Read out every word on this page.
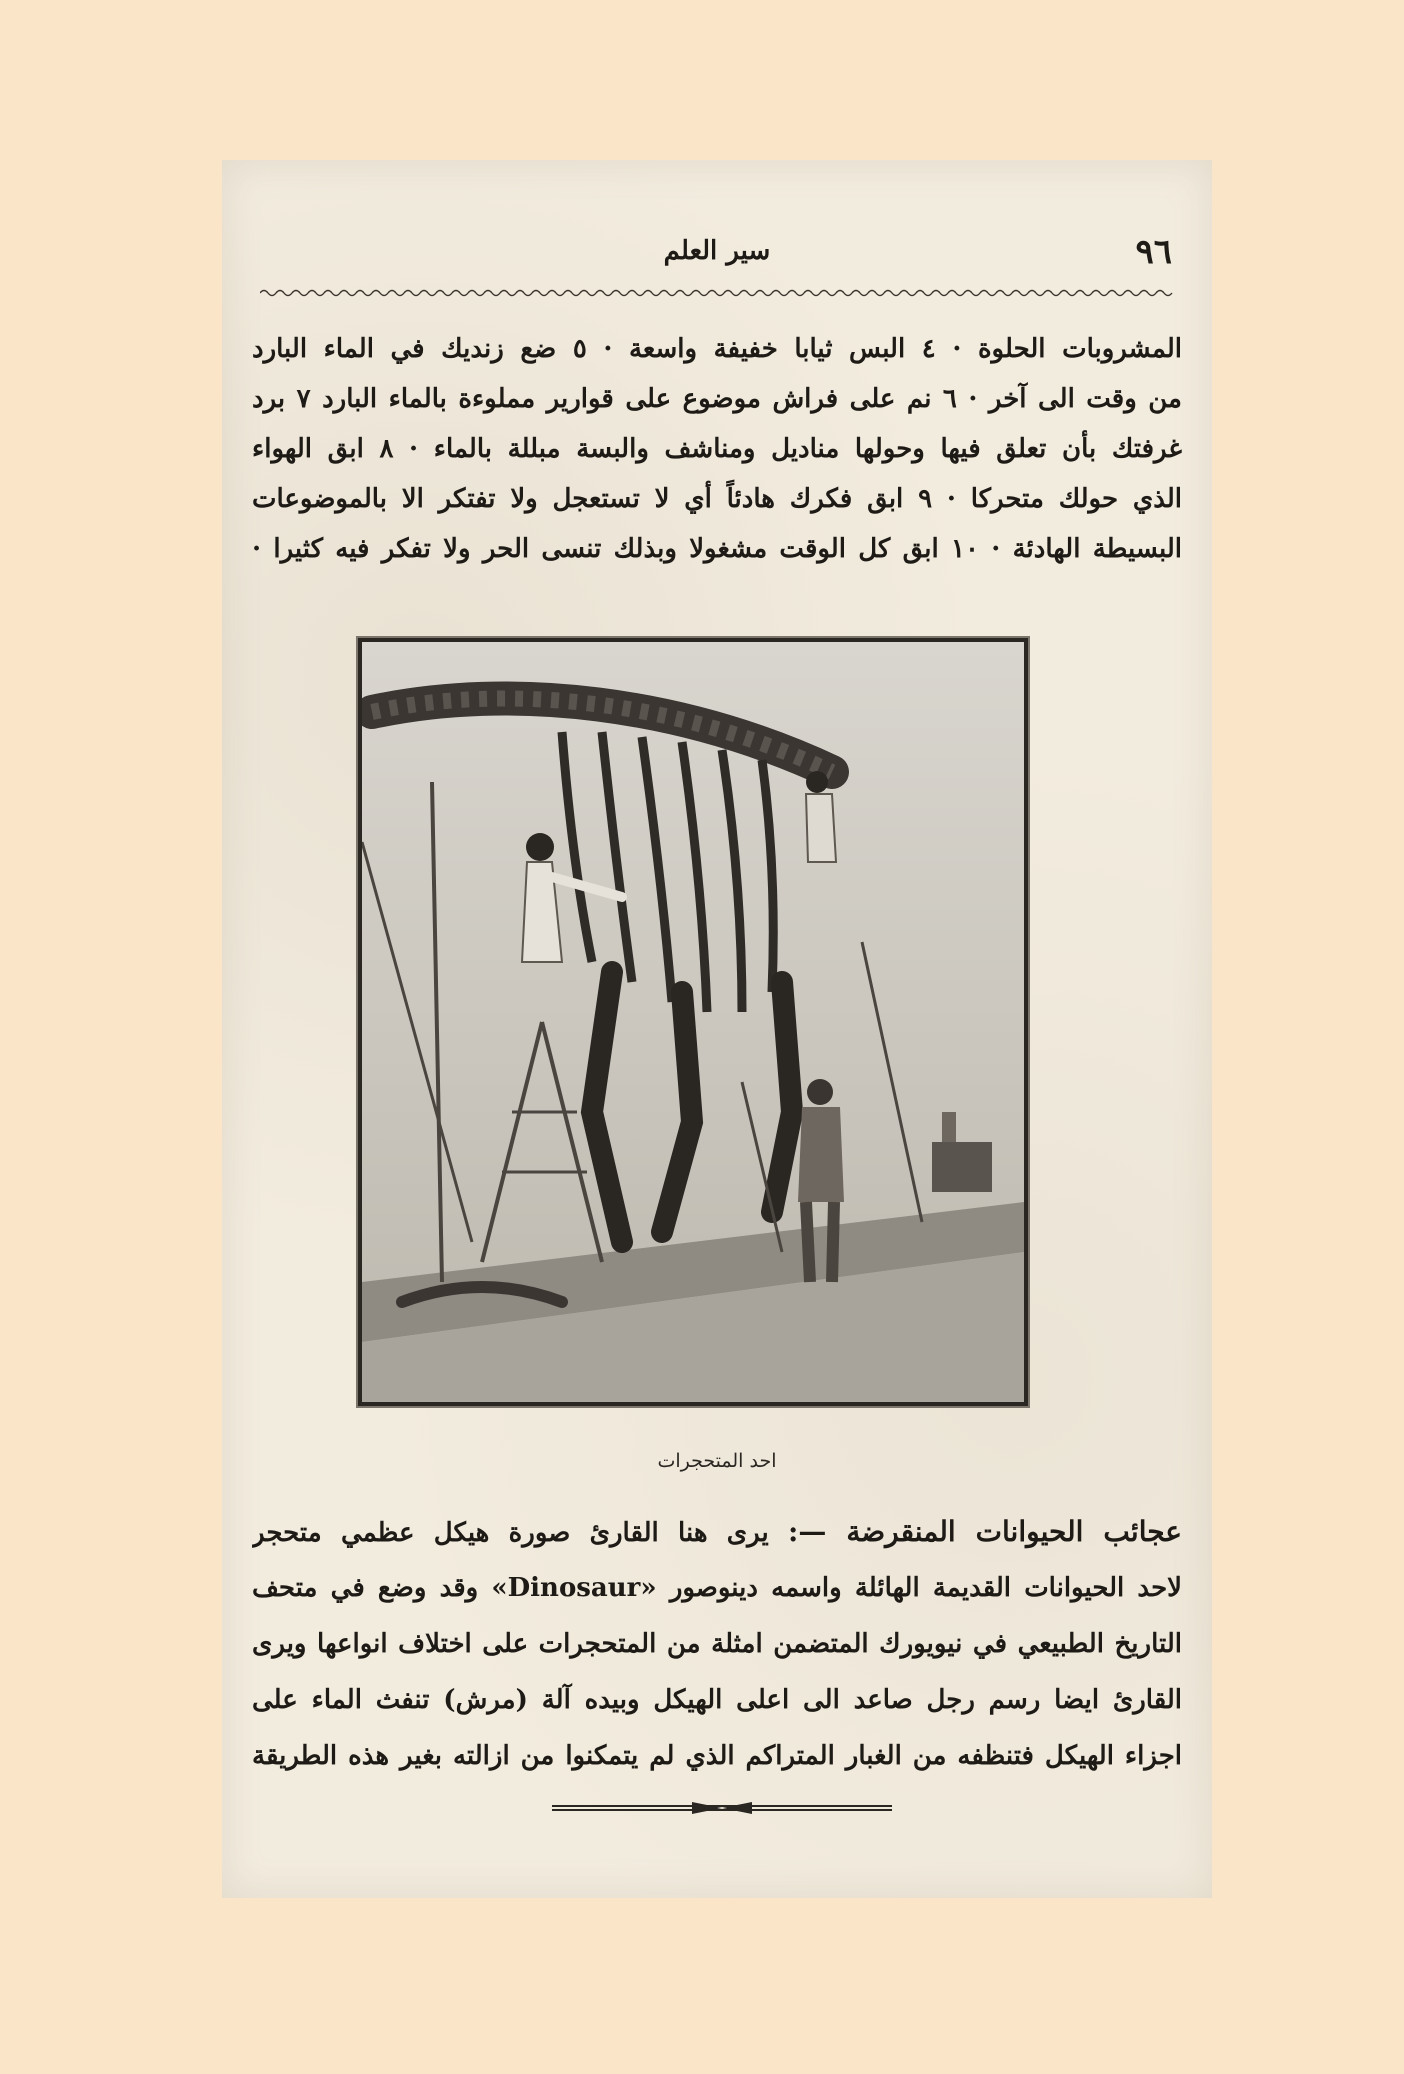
٩٦
سير العلم
المشروبات الحلوة · ٤ البس ثيابا خفيفة واسعة · ٥ ضع زنديك في الماء البارد
من وقت الى آخر · ٦ نم على فراش موضوع على قوارير مملوءة بالماء البارد ٧ برد
غرفتك بأن تعلق فيها وحولها مناديل ومناشف والبسة مبللة بالماء · ٨ ابق الهواء
الذي حولك متحركا · ٩ ابق فكرك هادئاً أي لا تستعجل ولا تفتكر الا بالموضوعات
البسيطة الهادئة · ١٠ ابق كل الوقت مشغولا وبذلك تنسى الحر ولا تفكر فيه كثيرا ·
احد المتحجرات
عجائب الحيوانات المنقرضة —: يرى هنا القارئ صورة هيكل عظمي متحجر
لاحد الحيوانات القديمة الهائلة واسمه دينوصور «Dinosaur» وقد وضع في متحف
التاريخ الطبيعي في نيويورك المتضمن امثلة من المتحجرات على اختلاف انواعها ويرى
القارئ ايضا رسم رجل صاعد الى اعلى الهيكل وبيده آلة (مرش) تنفث الماء على
اجزاء الهيكل فتنظفه من الغبار المتراكم الذي لم يتمكنوا من ازالته بغير هذه الطريقة
